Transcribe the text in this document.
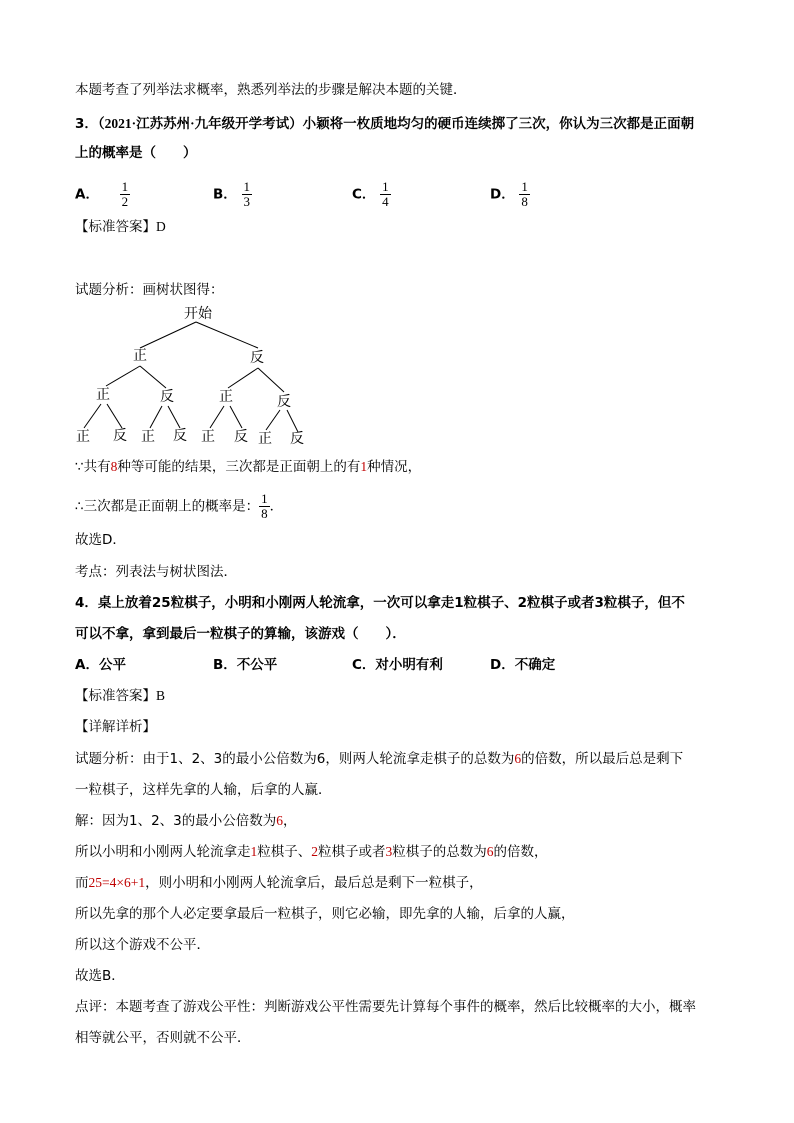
本题考查了列举法求概率，熟悉列举法的步骤是解决本题的关键．
3．（2021·江苏苏州·九年级开学考试）小颖将一枚质地均匀的硬币连续掷了三次，你认为三次都是正面朝
上的概率是（　　）
A． $\frac{1}{2}$	B． $\frac{1}{3}$	C． $\frac{1}{4}$	D． $\frac{1}{8}$
【标准答案】D
试题分析：画树状图得：
开始
正	反
正	反	正	反
正 反 正 反 正 反 正 反
∵共有8种等可能的结果，三次都是正面朝上的有1种情况，
∴三次都是正面朝上的概率是： $\frac{1}{8}$ ．
故选D．
考点：列表法与树状图法．
4．桌上放着25粒棋子，小明和小刚两人轮流拿，一次可以拿走1粒棋子、2粒棋子或者3粒棋子，但不
可以不拿，拿到最后一粒棋子的算输，该游戏（　　）．
A．公平	B．不公平	C．对小明有利	D．不确定
【标准答案】B
【详解详析】
试题分析：由于1、2、3的最小公倍数为6，则两人轮流拿走棋子的总数为6的倍数，所以最后总是剩下
一粒棋子，这样先拿的人输，后拿的人赢．
解：因为1、2、3的最小公倍数为6，
所以小明和小刚两人轮流拿走1粒棋子、2粒棋子或者3粒棋子的总数为6的倍数，
而25=4×6+1，则小明和小刚两人轮流拿后，最后总是剩下一粒棋子，
所以先拿的那个人必定要拿最后一粒棋子，则它必输，即先拿的人输，后拿的人赢，
所以这个游戏不公平．
故选B．
点评：本题考查了游戏公平性：判断游戏公平性需要先计算每个事件的概率，然后比较概率的大小，概率
相等就公平，否则就不公平．
